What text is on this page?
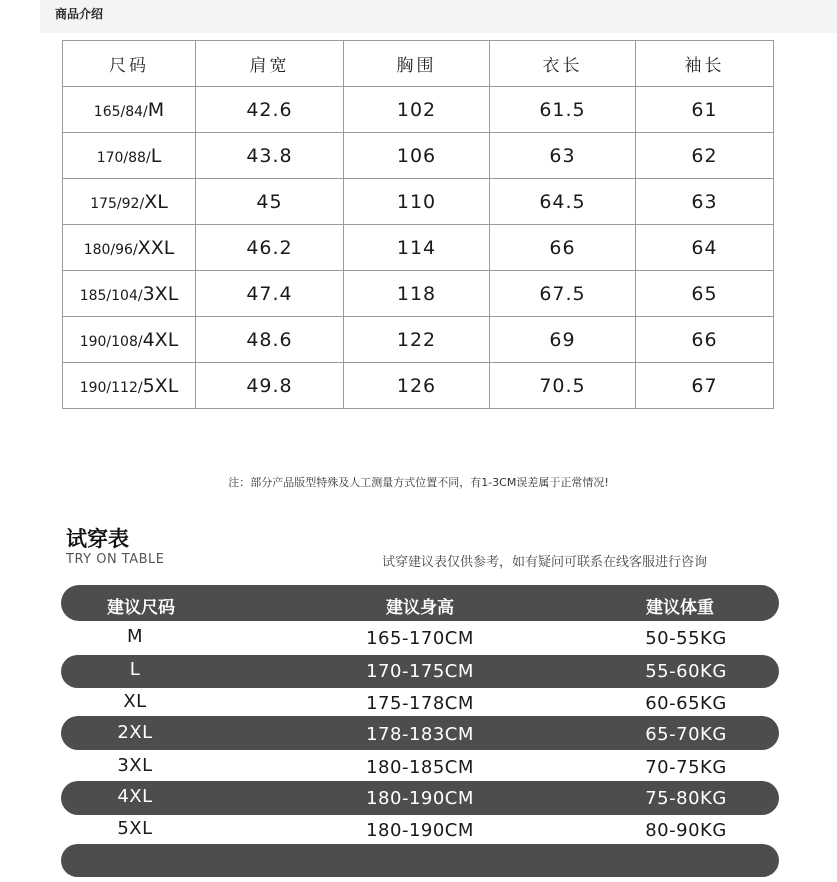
商品介绍
尺码	肩宽	胸围	衣长	袖长
165/84/M	42.6	102	61.5	61
170/88/L	43.8	106	63	62
175/92/XL	45	110	64.5	63
180/96/XXL	46.2	114	66	64
185/104/3XL	47.4	118	67.5	65
190/108/4XL	48.6	122	69	66
190/112/5XL	49.8	126	70.5	67
注：部分产品版型特殊及人工测量方式位置不同，有1-3CM误差属于正常情况!
试穿表
TRY ON TABLE	试穿建议表仅供参考，如有疑问可联系在线客服进行咨询
建议尺码	建议身高	建议体重
M	165-170CM	50-55KG
L	170-175CM	55-60KG
XL	175-178CM	60-65KG
2XL	178-183CM	65-70KG
3XL	180-185CM	70-75KG
4XL	180-190CM	75-80KG
5XL	180-190CM	80-90KG
